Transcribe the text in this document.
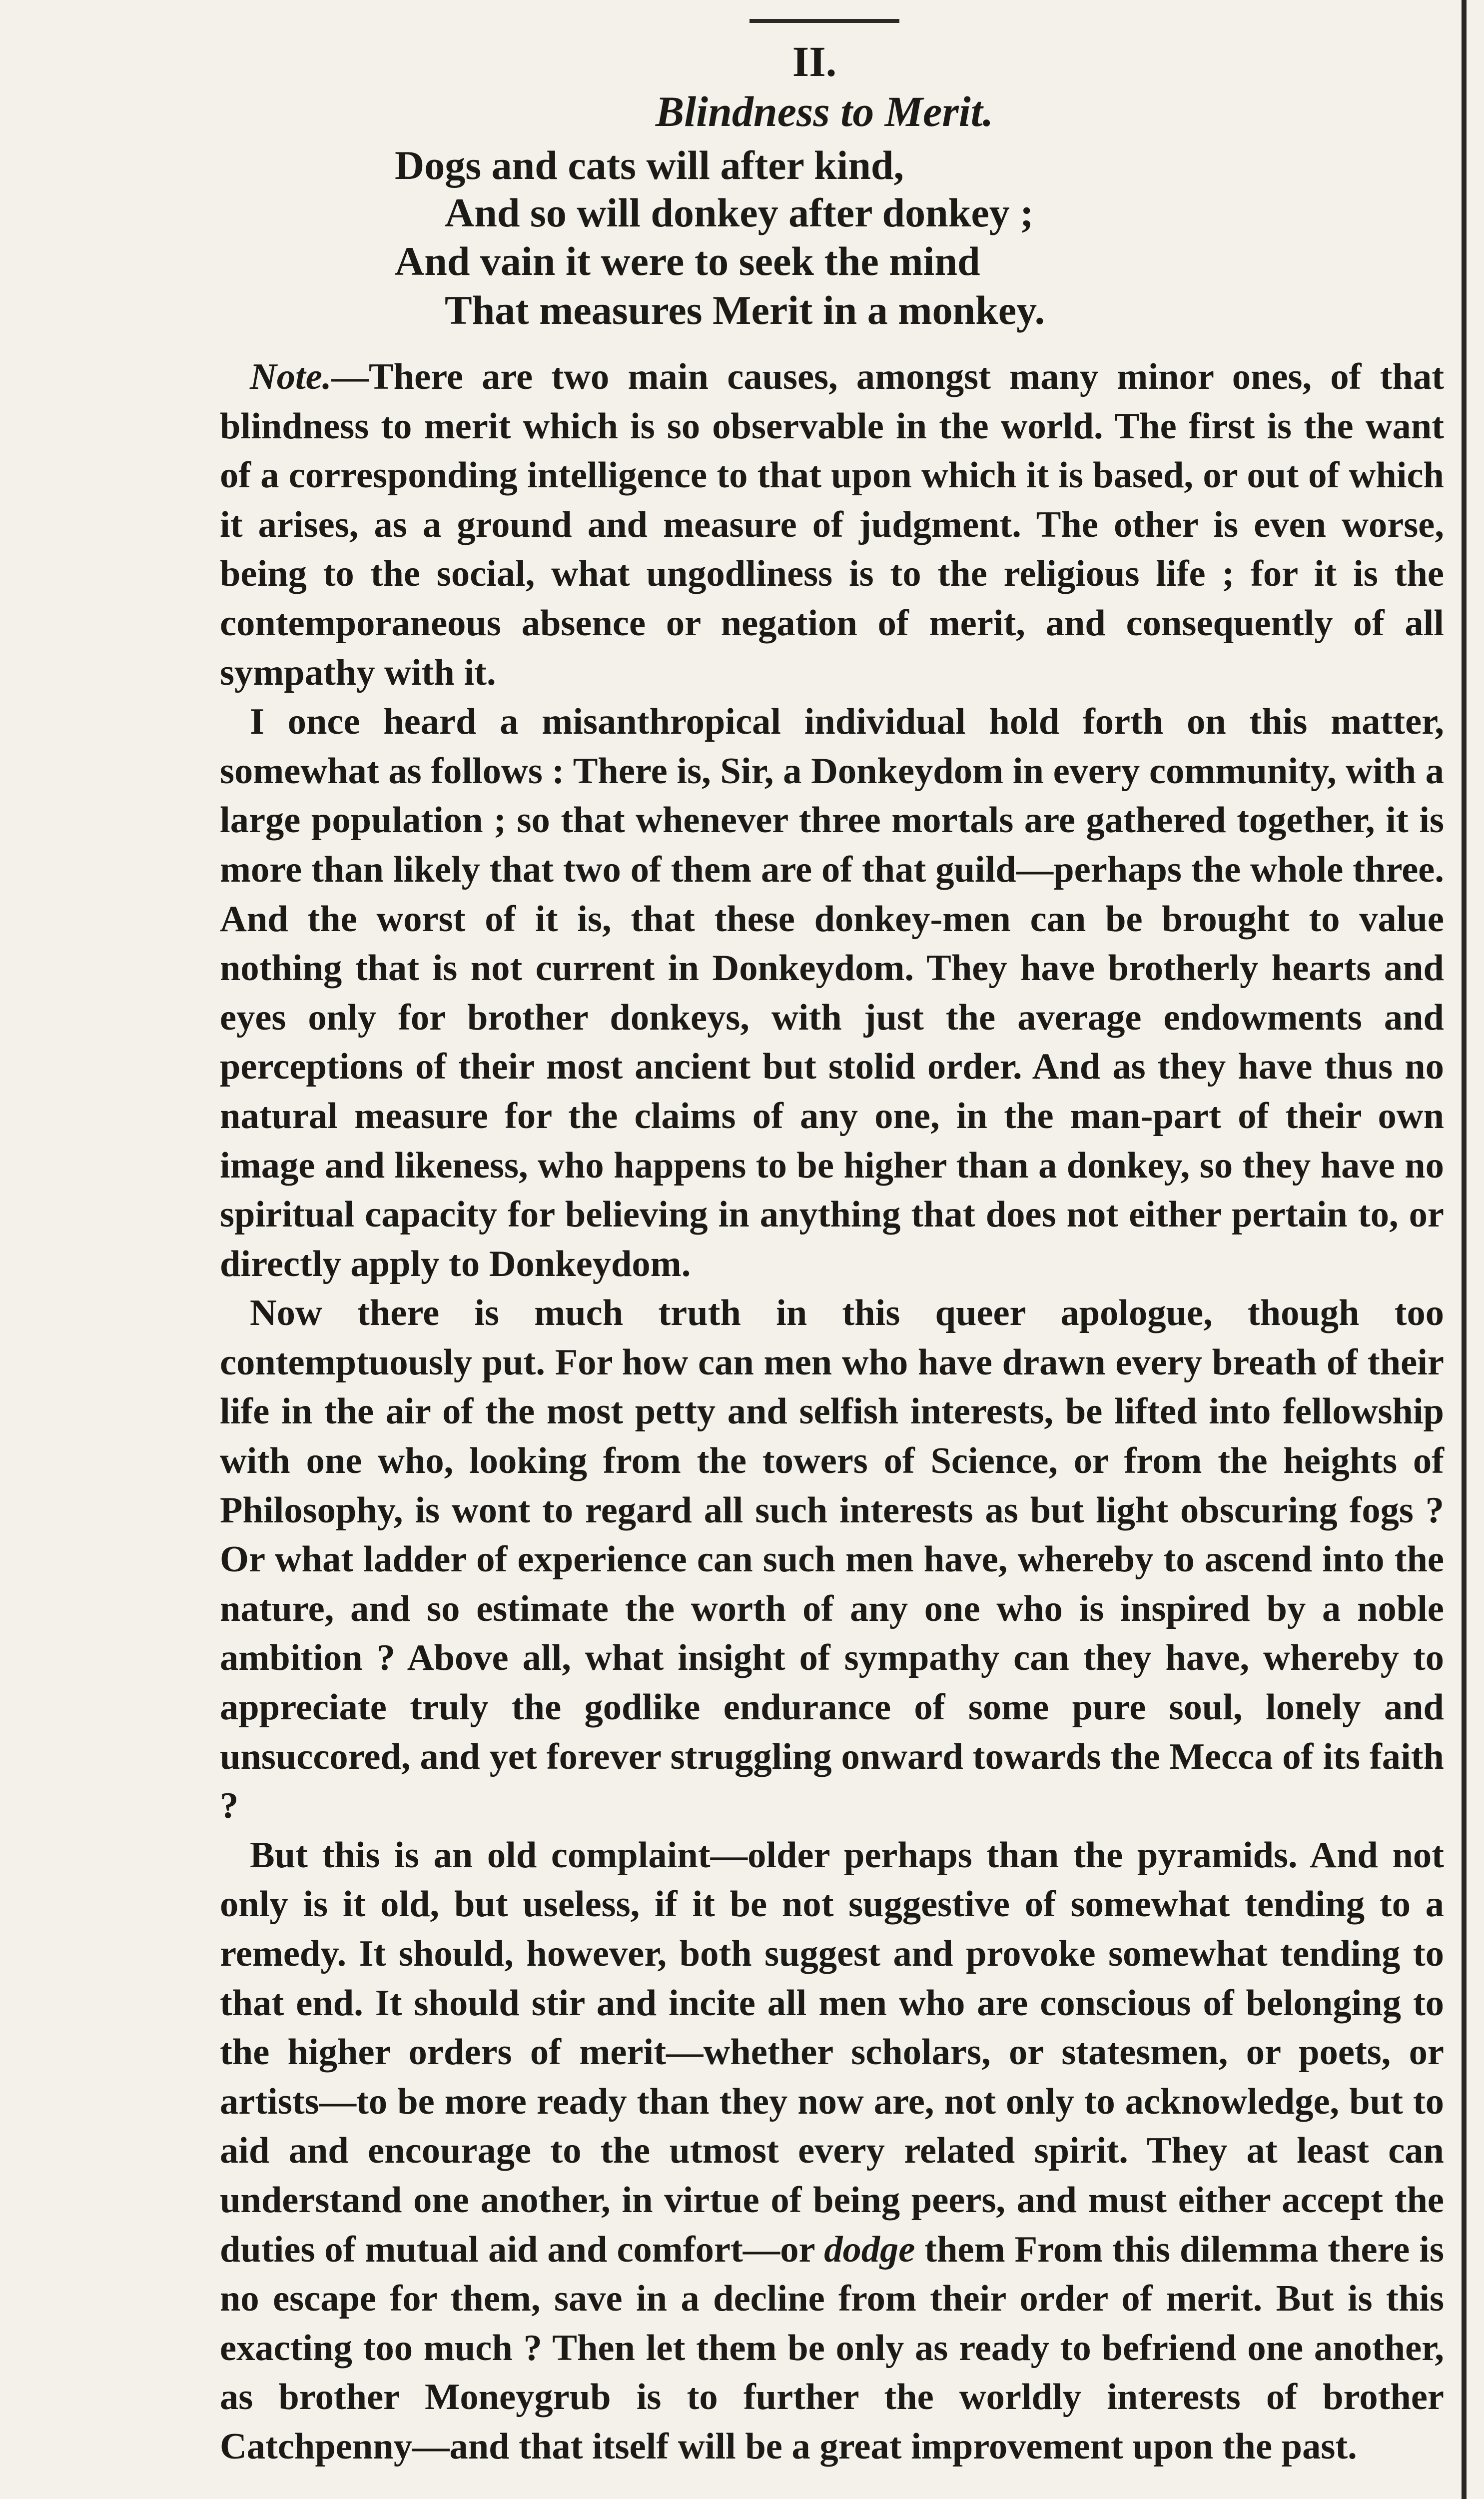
II.
Blindness to Merit.
Dogs and cats will after kind,
And so will donkey after donkey ;
And vain it were to seek the mind
That measures Merit in a monkey.

Note.—There are two main causes, amongst many minor ones, of that blindness to merit which is so observable in the world. The first is the want of a corresponding intelligence to that upon which it is based, or out of which it arises, as a ground and measure of judgment. The other is even worse, being to the social, what ungodliness is to the religious life ; for it is the contemporaneous absence or negation of merit, and consequently of all sympathy with it.

I once heard a misanthropical individual hold forth on this matter, somewhat as follows : There is, Sir, a Donkeydom in every community, with a large population ; so that whenever three mortals are gathered together, it is more than likely that two of them are of that guild—perhaps the whole three. And the worst of it is, that these donkey-men can be brought to value nothing that is not current in Donkeydom. They have brotherly hearts and eyes only for brother donkeys, with just the average endowments and perceptions of their most ancient but stolid order. And as they have thus no natural measure for the claims of any one, in the man-part of their own image and likeness, who happens to be higher than a donkey, so they have no spiritual capacity for believing in anything that does not either pertain to, or directly apply to Donkeydom.

Now there is much truth in this queer apologue, though too contemptuously put. For how can men who have drawn every breath of their life in the air of the most petty and selfish interests, be lifted into fellowship with one who, looking from the towers of Science, or from the heights of Philosophy, is wont to regard all such interests as but light obscuring fogs ? Or what ladder of experience can such men have, whereby to ascend into the nature, and so estimate the worth of any one who is inspired by a noble ambition ? Above all, what insight of sympathy can they have, whereby to appreciate truly the godlike endurance of some pure soul, lonely and unsuccored, and yet forever struggling onward towards the Mecca of its faith ?

But this is an old complaint—older perhaps than the pyramids. And not only is it old, but useless, if it be not suggestive of somewhat tending to a remedy. It should, however, both suggest and provoke somewhat tending to that end. It should stir and incite all men who are conscious of belonging to the higher orders of merit—whether scholars, or statesmen, or poets, or artists—to be more ready than they now are, not only to acknowledge, but to aid and encourage to the utmost every related spirit. They at least can understand one another, in virtue of being peers, and must either accept the duties of mutual aid and comfort—or dodge them From this dilemma there is no escape for them, save in a decline from their order of merit. But is this exacting too much ? Then let them be only as ready to befriend one another, as brother Moneygrub is to further the worldly interests of brother Catchpenny—and that itself will be a great improvement upon the past.
